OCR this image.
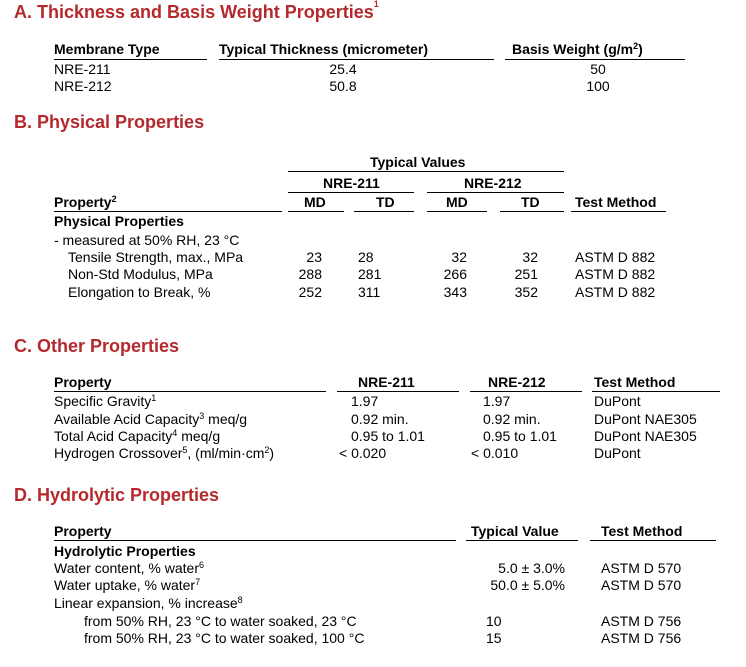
A. Thickness and Basis Weight Properties$^1$
Membrane Type	Typical Thickness (micrometer)	Basis Weight $(g/m^2)$
NRE-211	25.4	50
NRE-212	50.8	100
B. Physical Properties
Typical Values
NRE-211	NRE-212
Property$^2$	MD	TD	MD	TD	Test Method
Physical Properties
- measured at 50% RH, 23 °C
Tensile Strength, max., MPa	23	28	32	32	ASTM D 882
Non-Std Modulus, MPa	288	281	266	251	ASTM D 882
Elongation to Break, %	252	311	343	352	ASTM D 882
C. Other Properties
Property	NRE-211	NRE-212	Test Method
Specific Gravity$^1$	1.97	1.97	DuPont
Available Acid Capacity$^3$ meq/g	0.92 min.	0.92 min.	DuPont NAE305
Total Acid Capacity$^4$ meq/g	0.95 to 1.01	0.95 to 1.01	DuPont NAE305
Hydrogen Crossover$^5$, $(ml/\min\cdot cm^2)$	< 0.020	< 0.010	DuPont
D. Hydrolytic Properties
Property	Typical Value	Test Method
Hydrolytic Properties
Water content, % water$^6$	5.0 ± 3.0%	ASTM D 570
Water uptake, % water$^7$	50.0 ± 5.0%	ASTM D 570
Linear expansion, % increase$^8$
from 50% RH, 23 °C to water soaked, 23 °C	10	ASTM D 756
from 50% RH, 23 °C to water soaked, 100 °C	15	ASTM D 756
